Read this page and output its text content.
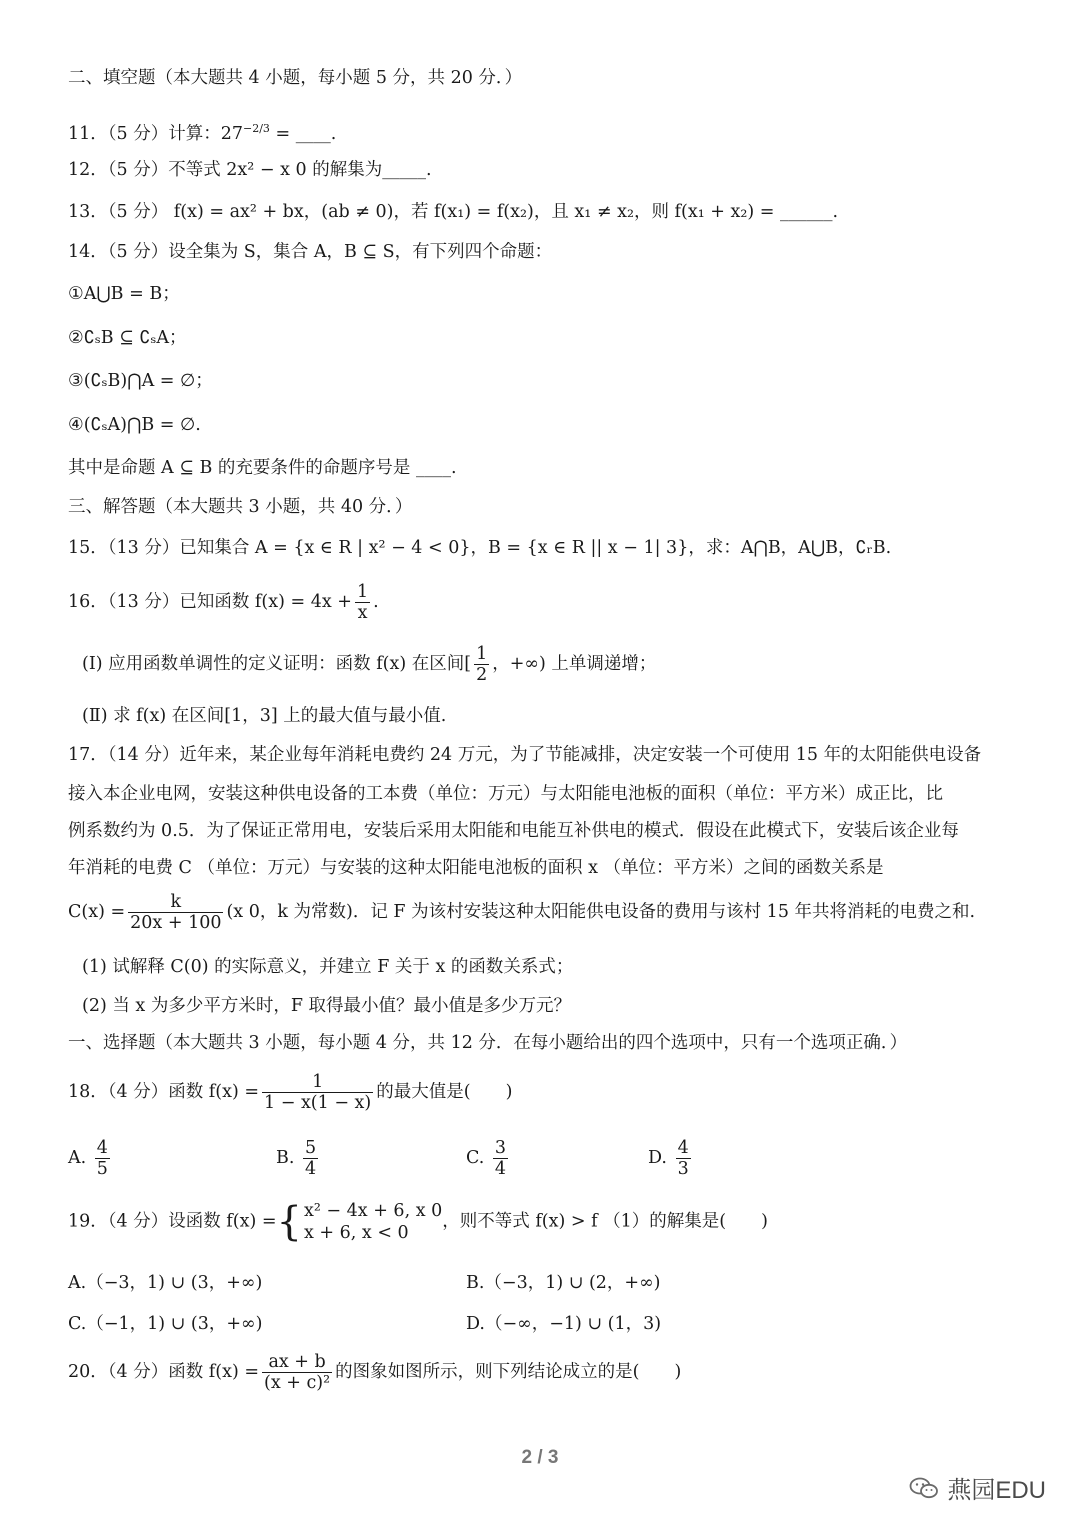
二、填空题（本大题共 4 小题，每小题 5 分，共 20 分．）
11．（5 分）计算：$27^{-2/3}$ = ____.
12．（5 分）不等式 2x² − x 0 的解集为_____.
13．（5 分） f(x) = ax² + bx，(ab ≠ 0)，若 f(x₁) = f(x₂)，且 x₁ ≠ x₂，则 f(x₁ + x₂) = ______.
14．（5 分）设全集为 S，集合 A，B ⊆ S，有下列四个命题：
①A⋃B = B；
②∁ₛB ⊆ ∁ₛA；
③(∁ₛB)⋂A = ∅；
④(∁ₛA)⋂B = ∅.
其中是命题 A ⊆ B 的充要条件的命题序号是 ____.
三、解答题（本大题共 3 小题，共 40 分．）
15．（13 分）已知集合 A = {x ∈ R | x² − 4 < 0}，B = {x ∈ R || x − 1| 3}，求：A⋂B，A⋃B，∁ᵣB.
16．（13 分）已知函数 $f(x) = 4x + \frac{1}{x}$ .
(Ⅰ) 应用函数单调性的定义证明：函数 f(x) 在区间[ $\frac{1}{2}$ ，+∞) 上单调递增；
(Ⅱ) 求 f(x) 在区间[1，3] 上的最大值与最小值.
17．（14 分）近年来，某企业每年消耗电费约 24 万元，为了节能减排，决定安装一个可使用 15 年的太阳能供电设备
接入本企业电网，安装这种供电设备的工本费（单位：万元）与太阳能电池板的面积（单位：平方米）成正比，比
例系数约为 0.5．为了保证正常用电，安装后采用太阳能和电能互补供电的模式．假设在此模式下，安装后该企业每
年消耗的电费 C （单位：万元）与安装的这种太阳能电池板的面积 x （单位：平方米）之间的函数关系是
$C(x) = \frac{k}{20x + 100} (x$ 0，k 为常数)．记 F 为该村安装这种太阳能供电设备的费用与该村 15 年共将消耗的电费之和.
(1) 试解释 C(0) 的实际意义，并建立 F 关于 x 的函数关系式；
(2) 当 x 为多少平方米时，F 取得最小值？最小值是多少万元？
一、选择题（本大题共 3 小题，每小题 4 分，共 12 分．在每小题给出的四个选项中，只有一个选项正确．）
18．（4 分）函数 $f(x) = \frac{1}{1 - x(1 - x)}$ 的最大值是(　　)
A. $\frac{4}{5}$	B. $\frac{5}{4}$	C. $\frac{3}{4}$	D. $\frac{4}{3}$
19．（4 分）设函数 f(x) ={ x² − 4x + 6, x 0
x + 6, x < 0
，则不等式 f(x) > f （1）的解集是(　　)
A.（−3，1) ∪ (3，+∞)	B.（−3，1) ∪ (2，+∞)
C.（−1，1) ∪ (3，+∞)	D.（−∞，−1) ∪ (1，3)
20．（4 分）函数 $f(x) = \frac{ax + b}{\text{(x + c)²}}$ 的图象如图所示，则下列结论成立的是(　　)
2 / 3
燕园EDU
